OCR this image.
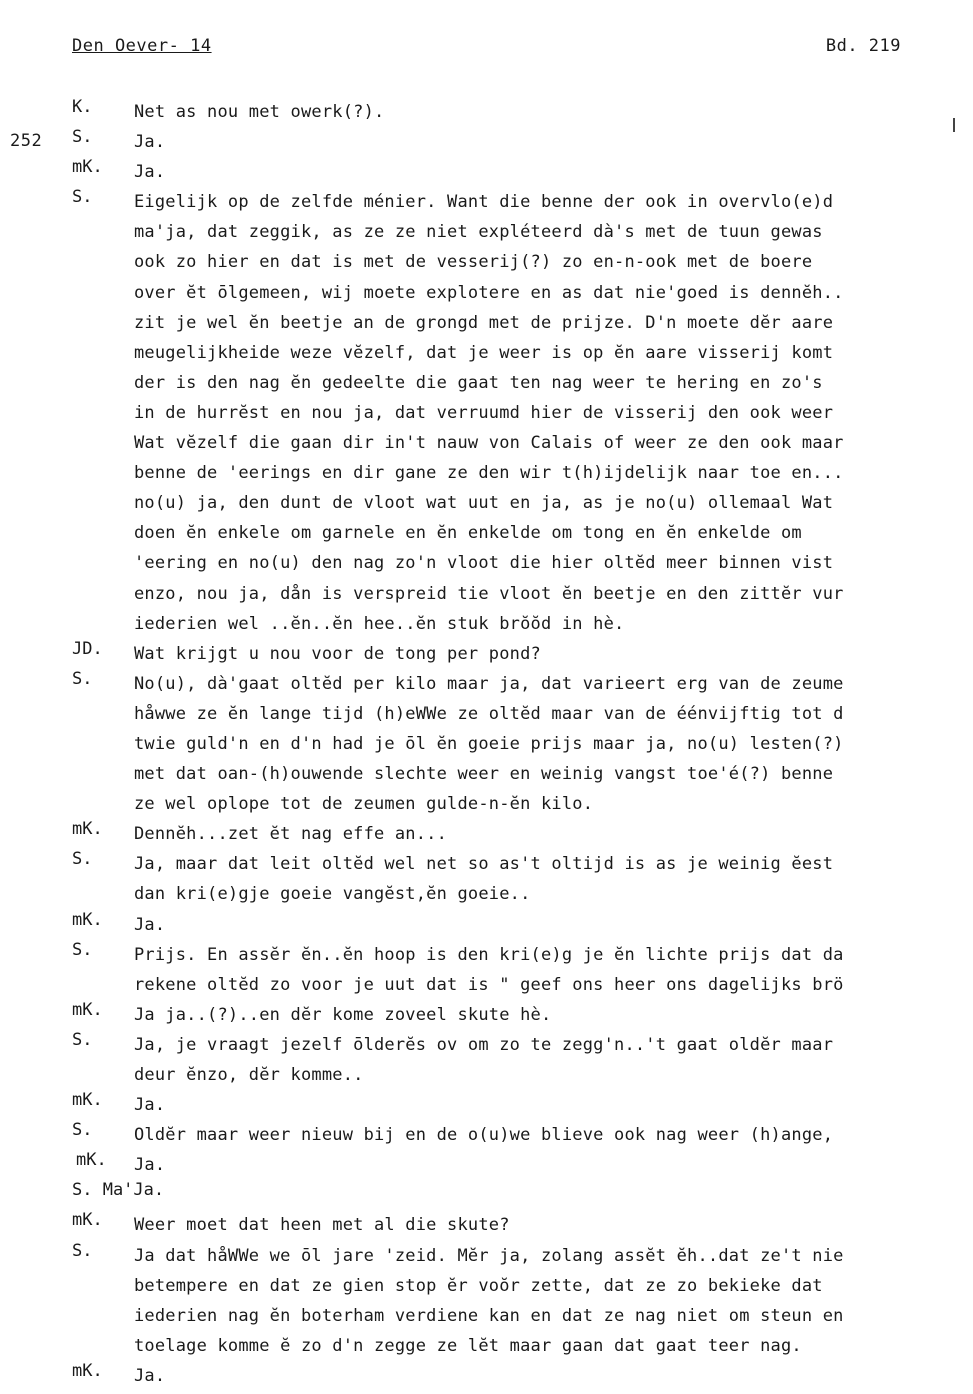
Den Oever- 14	Bd. 219
252
K.	Net as nou met owerk(?).
S.	Ja.
mK.	Ja.
S.	Eigelijk op de zelfde ménier. Want die benne der ook in overvlo(e)d
ma'ja, dat zeggik, as ze ze niet expléteerd dà's met de tuun gewas
ook zo hier en dat is met de vesserij(?) zo en-n-ook met de boere
over ĕt ōlgemeen, wij moete explotere en as dat nie'goed is dennĕh..
zit je wel ĕn beetje an de grongd met de prijze. D'n moete dĕr aare
meugelijkheide weze vĕzelf, dat je weer is op ĕn aare visserij komt
der is den nag ĕn gedeelte die gaat ten nag weer te hering en zo's
in de hurrĕst en nou ja, dat verruumd hier de visserij den ook weer
Wat vĕzelf die gaan dir in't nauw von Calais of weer ze den ook maar
benne de 'eerings en dir gane ze den wir t(h)ijdelijk naar toe en...
no(u) ja, den dunt de vloot wat uut en ja, as je no(u) ollemaal Wat
doen ĕn enkele om garnele en ĕn enkelde om tong en ĕn enkelde om
'eering en no(u) den nag zo'n vloot die hier oltĕd meer binnen vist
enzo, nou ja, dån is verspreid tie vloot ĕn beetje en den zittĕr vur
iederien wel ..ĕn..ĕn hee..ĕn stuk brŏŏd in hè.
JD.	Wat krijgt u nou voor de tong per pond?
S.	No(u), dà'gaat oltĕd per kilo maar ja, dat varieert erg van de zeume
håwwe ze ĕn lange tijd (h)eWWe ze oltĕd maar van de éénvijftig tot d
twie guld'n en d'n had je ōl ĕn goeie prijs maar ja, no(u) lesten(?)
met dat oan-(h)ouwende slechte weer en weinig vangst toe'é(?) benne
ze wel oplope tot de zeumen gulde-n-ĕn kilo.
mK.	Dennĕh...zet ĕt nag effe an...
S.	Ja, maar dat leit oltĕd wel net so as't oltijd is as je weinig ĕest
dan kri(e)gje goeie vangĕst,ĕn goeie..
mK.	Ja.
S.	Prijs. En assĕr ĕn..ĕn hoop is den kri(e)g je ĕn lichte prijs dat da
rekene oltĕd zo voor je uut dat is " geef ons heer ons dagelijks brö
mK.	Ja ja..(?)..en dĕr kome zoveel skute hè.
S.	Ja, je vraagt jezelf ōlderĕs ov om zo te zegg'n..'t gaat oldĕr maar
deur ĕnzo, dĕr komme..
mK.	Ja.
S.	Oldĕr maar weer nieuw bij en de o(u)we blieve ook nag weer (h)ange,
mK.	Ja.
S. Ma'Ja.
mK.	Weer moet dat heen met al die skute?
S.	Ja dat håWWe we ōl jare 'zeid. Mĕr ja, zolang assĕt ĕh..dat ze't nie
betempere en dat ze gien stop ĕr voŏr zette, dat ze zo bekieke dat
iederien nag ĕn boterham verdiene kan en dat ze nag niet om steun en
toelage komme ĕ zo d'n zegge ze lĕt maar gaan dat gaat teer nag.
mK.	Ja.
